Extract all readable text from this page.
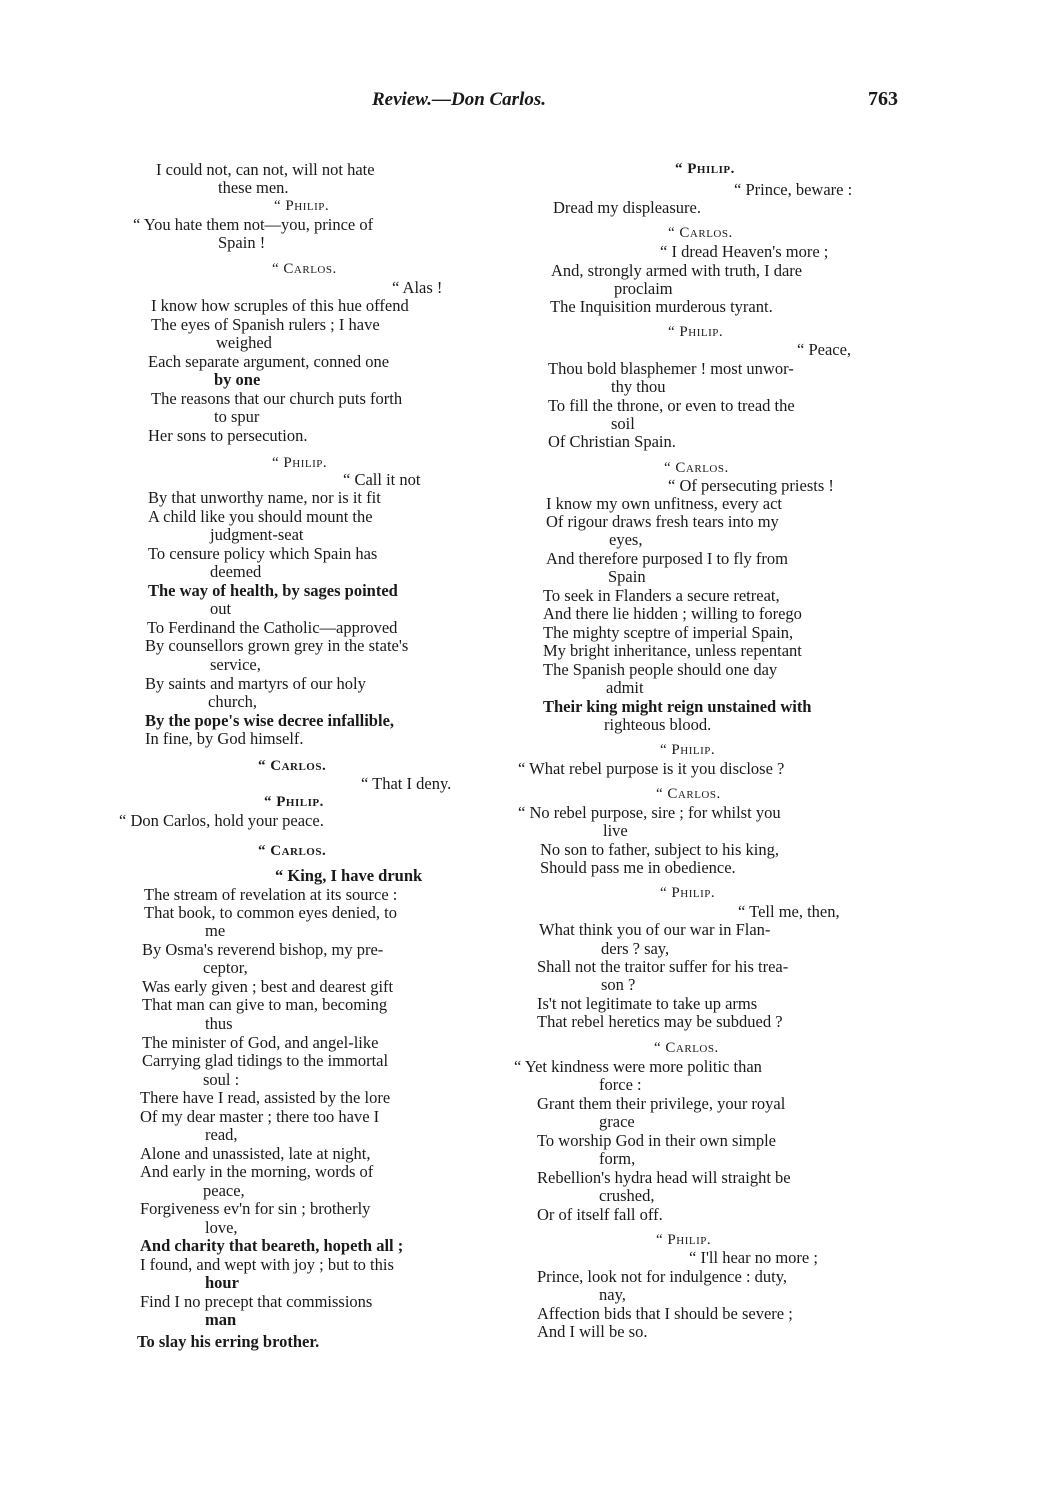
Review.—Don Carlos.	763
I could not, can not, will not hate
these men.
“ Philip.
“ You hate them not—you, prince of
Spain !
“ Carlos.
“ Alas !
I know how scruples of this hue offend
The eyes of Spanish rulers ; I have
weighed
Each separate argument, conned one
by one
The reasons that our church puts forth
to spur
Her sons to persecution.
“ Philip.
“ Call it not
By that unworthy name, nor is it fit
A child like you should mount the
judgment-seat
To censure policy which Spain has
deemed
The way of health, by sages pointed
out
To Ferdinand the Catholic—approved
By counsellors grown grey in the state's
service,
By saints and martyrs of our holy
church,
By the pope's wise decree infallible,
In fine, by God himself.
“ Carlos.
“ That I deny.
“ Philip.
“ Don Carlos, hold your peace.
“ Carlos.
“ King, I have drunk
The stream of revelation at its source :
That book, to common eyes denied, to
me
By Osma's reverend bishop, my pre-
ceptor,
Was early given ; best and dearest gift
That man can give to man, becoming
thus
The minister of God, and angel-like
Carrying glad tidings to the immortal
soul :
There have I read, assisted by the lore
Of my dear master ; there too have I
read,
Alone and unassisted, late at night,
And early in the morning, words of
peace,
Forgiveness ev'n for sin ; brotherly
love,
And charity that beareth, hopeth all ;
I found, and wept with joy ; but to this
hour
Find I no precept that commissions
man
To slay his erring brother.
“ Philip.
“ Prince, beware :
Dread my displeasure.
“ Carlos.
“ I dread Heaven's more ;
And, strongly armed with truth, I dare
proclaim
The Inquisition murderous tyrant.
“ Philip.
“ Peace,
Thou bold blasphemer ! most unwor-
thy thou
To fill the throne, or even to tread the
soil
Of Christian Spain.
“ Carlos.
“ Of persecuting priests !
I know my own unfitness, every act
Of rigour draws fresh tears into my
eyes,
And therefore purposed I to fly from
Spain
To seek in Flanders a secure retreat,
And there lie hidden ; willing to forego
The mighty sceptre of imperial Spain,
My bright inheritance, unless repentant
The Spanish people should one day
admit
Their king might reign unstained with
righteous blood.
“ Philip.
“ What rebel purpose is it you disclose ?
“ Carlos.
“ No rebel purpose, sire ; for whilst you
live
No son to father, subject to his king,
Should pass me in obedience.
“ Philip.
“ Tell me, then,
What think you of our war in Flan-
ders ? say,
Shall not the traitor suffer for his trea-
son ?
Is't not legitimate to take up arms
That rebel heretics may be subdued ?
“ Carlos.
“ Yet kindness were more politic than
force :
Grant them their privilege, your royal
grace
To worship God in their own simple
form,
Rebellion's hydra head will straight be
crushed,
Or of itself fall off.
“ Philip.
“ I'll hear no more ;
Prince, look not for indulgence : duty,
nay,
Affection bids that I should be severe ;
And I will be so.
